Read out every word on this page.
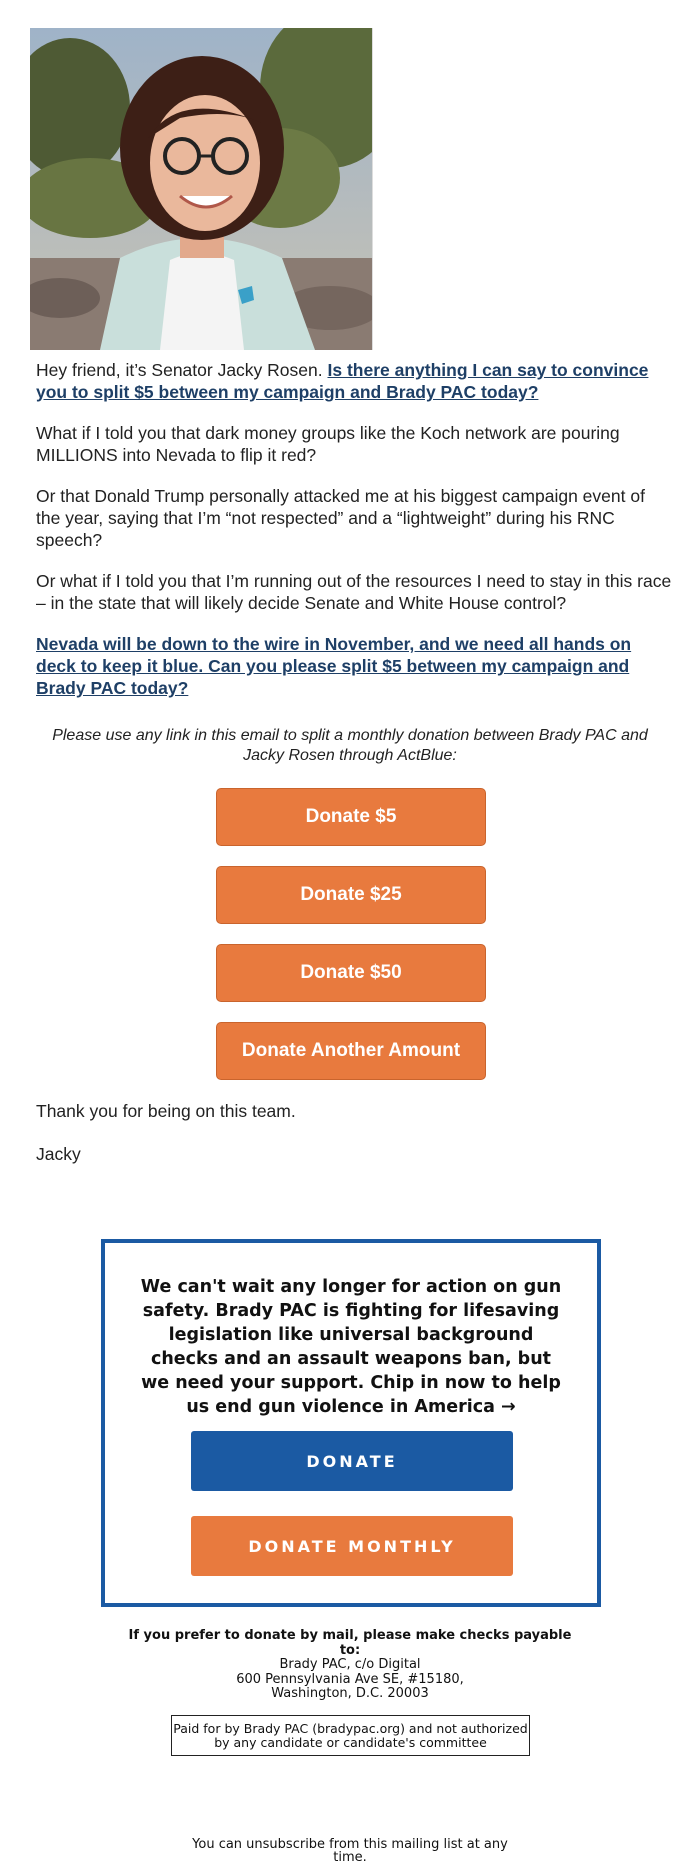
Hey friend, it’s Senator Jacky Rosen. Is there anything I can say to convince you to split $5 between my campaign and Brady PAC today?
What if I told you that dark money groups like the Koch network are pouring MILLIONS into Nevada to flip it red?
Or that Donald Trump personally attacked me at his biggest campaign event of the year, saying that I’m “not respected” and a “lightweight” during his RNC speech?
Or what if I told you that I’m running out of the resources I need to stay in this race – in the state that will likely decide Senate and White House control?
Nevada will be down to the wire in November, and we need all hands on deck to keep it blue. Can you please split $5 between my campaign and Brady PAC today?
Please use any link in this email to split a monthly donation between Brady PAC and Jacky Rosen through ActBlue:
Donate $5
Donate $25
Donate $50
Donate Another Amount
Thank you for being on this team.
Jacky
We can't wait any longer for action on gun safety. Brady PAC is fighting for lifesaving legislation like universal background checks and an assault weapons ban, but we need your support. Chip in now to help us end gun violence in America →
DONATE
DONATE MONTHLY
If you prefer to donate by mail, please make checks payable to:
Brady PAC, c/o Digital
600 Pennsylvania Ave SE, #15180,
Washington, D.C. 20003
Paid for by Brady PAC (bradypac.org) and not authorized by any candidate or candidate's committee
You can unsubscribe from this mailing list at any time.
